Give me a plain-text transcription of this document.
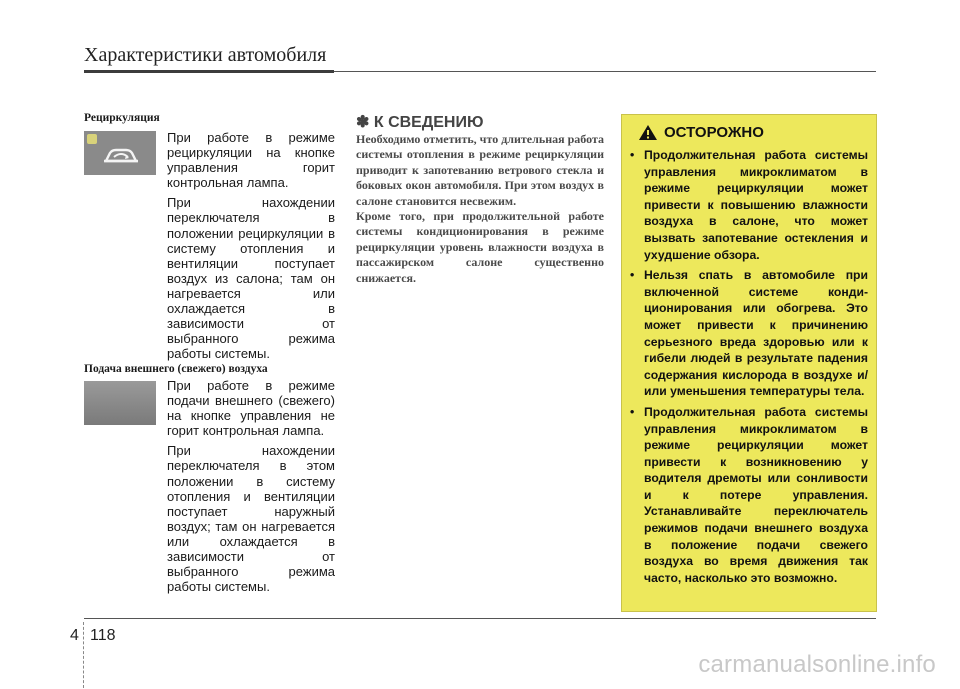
Характеристики автомобиля
Рециркуляция

При работе в режиме рециркуляции на кнопке управления горит контрольная лампа.

При нахождении переключателя в положении рециркуляции в систему отопления и вентиляции поступает воздух из салона; там он нагревается или охлаждается в зависимости от выбранного режима работы системы.

Подача внешнего (свежего) воздуха

При работе в режиме подачи внешнего (свежего) на кнопке управления не горит контрольная лампа.

При нахождении переключателя в этом положении в систему отопления и вентиляции поступает наружный воздух; там он нагревается или охлаждается в зависимости от выбранного режима работы системы.

✽ К СВЕДЕНИЮ

Необходимо отметить, что длительная работа системы отопления в режиме рециркуляции приводит к запотеванию ветрового стекла и боковых окон автомобиля. При этом воздух в салоне становится несвежим.

Кроме того, при продолжительной работе системы кондиционирования в режиме рециркуляции уровень влажности воздуха в пассажирском салоне существенно снижается.

ОСТОРОЖНО
• Продолжительная работа системы управления микроклиматом в режиме рециркуляции может привести к повышению влажности воздуха в салоне, что может вызвать запотевание остекления и ухудшение обзора.
• Нельзя спать в автомобиле при включенной системе конди-ционирования или обогрева. Это может привести к причинению серьезного вреда здоровью или к гибели людей в результате падения содержания кислорода в воздухе и/или уменьшения температуры тела.
• Продолжительная работа системы управления микроклиматом в режиме рециркуляции может привести к возникновению у водителя дремоты или сонливости и к потере управления. Устанавливайте переключатель режимов подачи внешнего воздуха в положение подачи свежего воздуха во время движения так часто, насколько это возможно.
4 118
carmanualsonline.info
